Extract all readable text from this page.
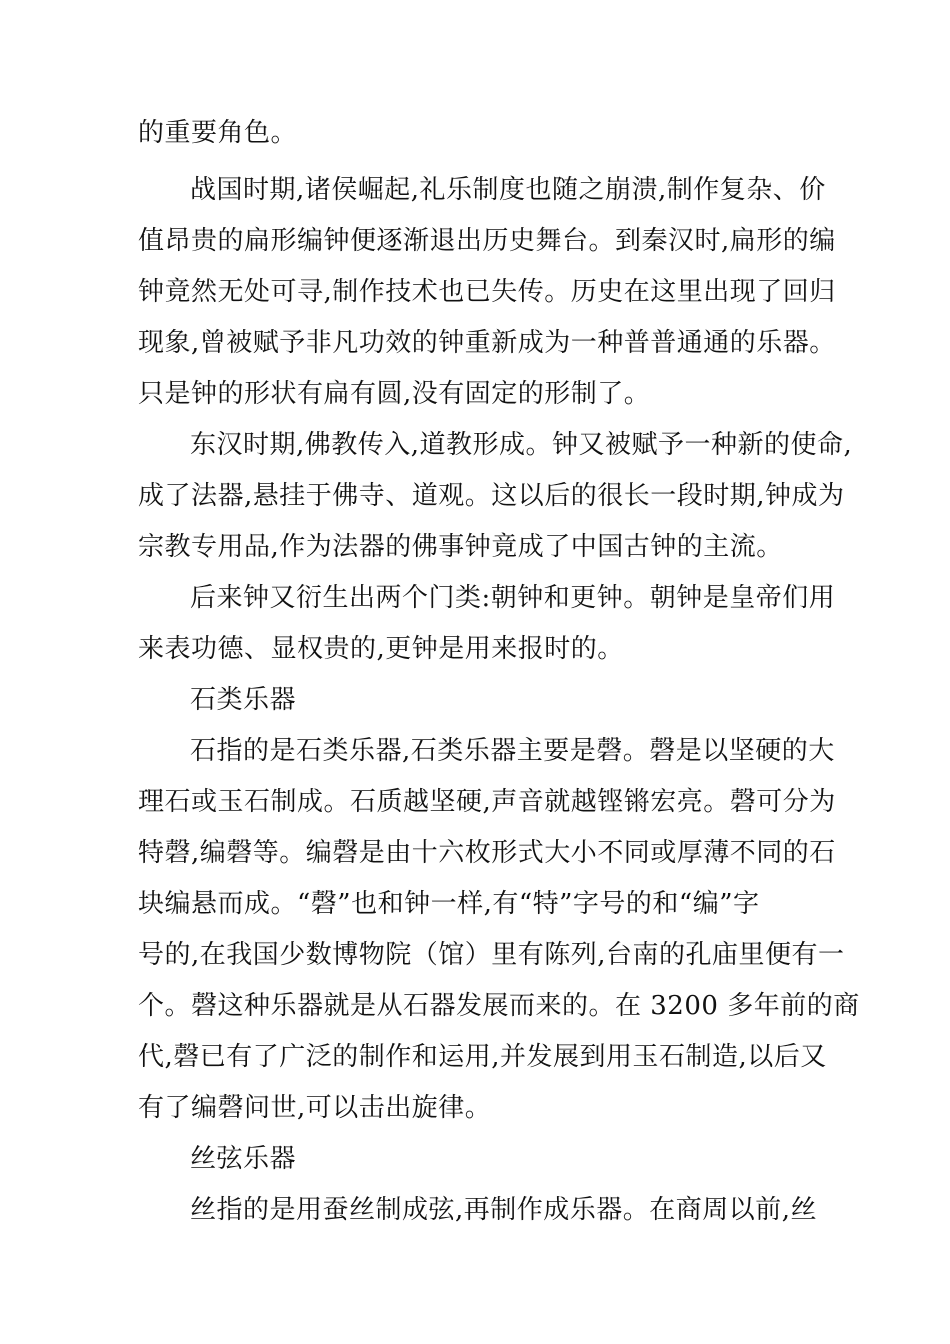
的重要角色。
战国时期,诸侯崛起,礼乐制度也随之崩溃,制作复杂、价
值昂贵的扁形编钟便逐渐退出历史舞台。到秦汉时,扁形的编
钟竟然无处可寻,制作技术也已失传。历史在这里出现了回归
现象,曾被赋予非凡功效的钟重新成为一种普普通通的乐器。
只是钟的形状有扁有圆,没有固定的形制了。
东汉时期,佛教传入,道教形成。钟又被赋予一种新的使命,
成了法器,悬挂于佛寺、道观。这以后的很长一段时期,钟成为
宗教专用品,作为法器的佛事钟竟成了中国古钟的主流。
后来钟又衍生出两个门类:朝钟和更钟。朝钟是皇帝们用
来表功德、显权贵的,更钟是用来报时的。
石类乐器
石指的是石类乐器,石类乐器主要是磬。磬是以坚硬的大
理石或玉石制成。石质越坚硬,声音就越铿锵宏亮。磬可分为
特磬,编磬等。编磬是由十六枚形式大小不同或厚薄不同的石
块编悬而成。“磬”也和钟一样,有“特”字号的和“编”字
号的,在我国少数博物院（馆）里有陈列,台南的孔庙里便有一
个。磬这种乐器就是从石器发展而来的。在 3200 多年前的商
代,磬已有了广泛的制作和运用,并发展到用玉石制造,以后又
有了编磬问世,可以击出旋律。
丝弦乐器
丝指的是用蚕丝制成弦,再制作成乐器。在商周以前,丝
